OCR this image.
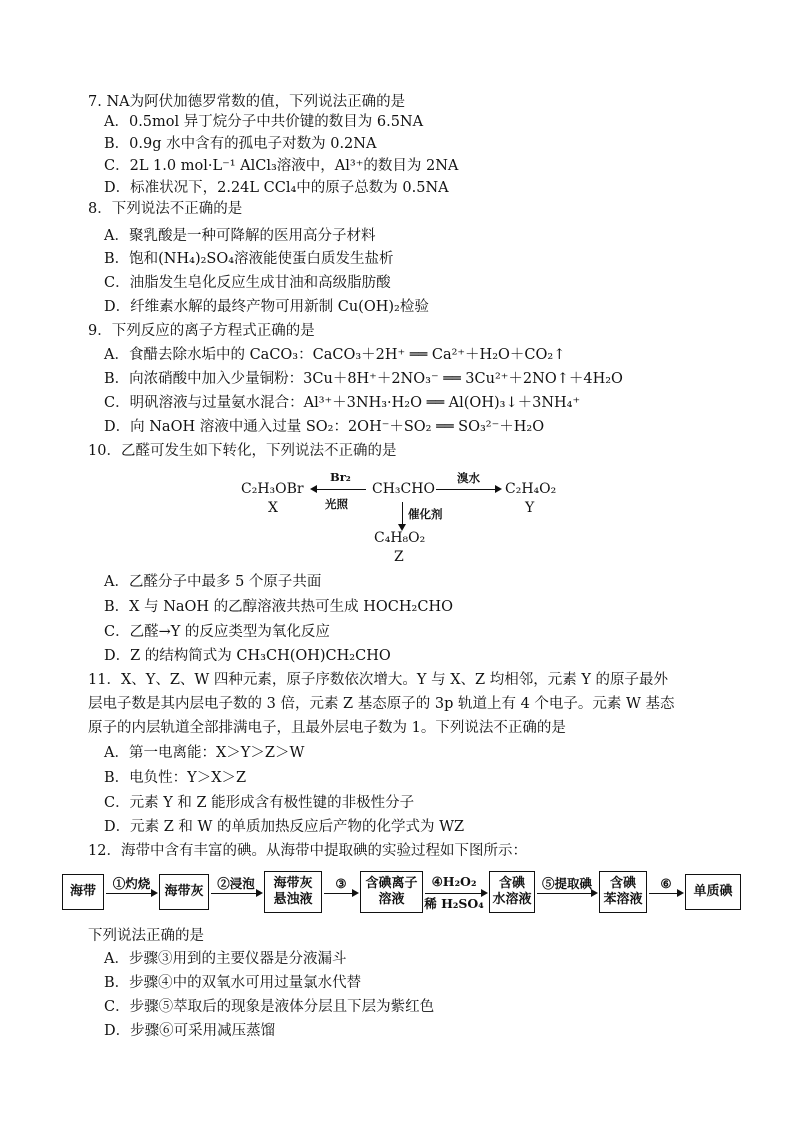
7. NA为阿伏加德罗常数的值，下列说法正确的是
A．0.5mol 异丁烷分子中共价键的数目为 6.5NA
B．0.9g 水中含有的孤电子对数为 0.2NA
C．2L 1.0 mol·L⁻¹ AlCl₃溶液中，Al³⁺的数目为 2NA
D．标准状况下，2.24L CCl₄中的原子总数为 0.5NA
8．下列说法不正确的是
A．聚乳酸是一种可降解的医用高分子材料
B．饱和(NH₄)₂SO₄溶液能使蛋白质发生盐析
C．油脂发生皂化反应生成甘油和高级脂肪酸
D．纤维素水解的最终产物可用新制 Cu(OH)₂检验
9．下列反应的离子方程式正确的是
A．食醋去除水垢中的 CaCO₃：CaCO₃＋2H⁺ ══ Ca²⁺＋H₂O＋CO₂↑
B．向浓硝酸中加入少量铜粉：3Cu＋8H⁺＋2NO₃⁻ ══ 3Cu²⁺＋2NO↑＋4H₂O
C．明矾溶液与过量氨水混合：Al³⁺＋3NH₃·H₂O ══ Al(OH)₃↓＋3NH₄⁺
D．向 NaOH 溶液中通入过量 SO₂：2OH⁻＋SO₂ ══ SO₃²⁻＋H₂O
10．乙醛可发生如下转化，下列说法不正确的是
C₂H₃OBr
X
Br₂
光照
CH₃CHO
溴水
C₂H₄O₂
Y
催化剂
C₄H₈O₂
Z
A．乙醛分子中最多 5 个原子共面
B．X 与 NaOH 的乙醇溶液共热可生成 HOCH₂CHO
C．乙醛→Y 的反应类型为氧化反应
D．Z 的结构简式为 CH₃CH(OH)CH₂CHO
11．X、Y、Z、W 四种元素，原子序数依次增大。Y 与 X、Z 均相邻，元素 Y 的原子最外
层电子数是其内层电子数的 3 倍，元素 Z 基态原子的 3p 轨道上有 4 个电子。元素 W 基态
原子的内层轨道全部排满电子，且最外层电子数为 1。下列说法不正确的是
A．第一电离能：X＞Y＞Z＞W
B．电负性：Y＞X＞Z
C．元素 Y 和 Z 能形成含有极性键的非极性分子
D．元素 Z 和 W 的单质加热反应后产物的化学式为 WZ
12．海带中含有丰富的碘。从海带中提取碘的实验过程如下图所示：
海带
①灼烧
海带灰
②浸泡	海带灰
悬浊液
③	含碘离子
溶液
④H₂O₂
稀 H₂SO₄
含碘
水溶液
⑤提取碘	含碘
苯溶液
⑥
单质碘
下列说法正确的是
A．步骤③用到的主要仪器是分液漏斗
B．步骤④中的双氧水可用过量氯水代替
C．步骤⑤萃取后的现象是液体分层且下层为紫红色
D．步骤⑥可采用减压蒸馏
